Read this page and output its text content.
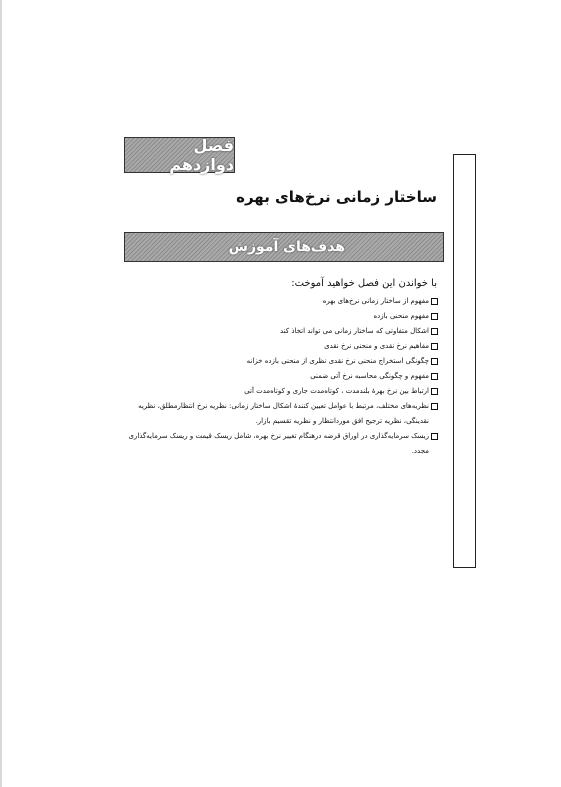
فصل دوازدهم
ساختار زمانی نرخ‌های بهره
هدف‌های آموزش
با خواندن این فصل خواهید آموخت:
مفهوم از ساختار زمانی نرخ‌های بهره
مفهوم منحنی بازده
اشکال متفاوتی که ساختار زمانی می تواند اتخاذ کند
مفاهیم نرخ نقدی و منحنی نرخ نقدی
چگونگی استخراج منحنی نرخ نقدی نظری از منحنی بازده خزانه
مفهوم و چگونگی محاسبه نرخ آتی ضمنی
ارتباط بین نرخ بهرهٔ بلندمدت ، کوتاه‌مدت جاری و کوتاه‌مدت آتی
نظریه‌های مختلف، مرتبط با عوامل تعیین کنندهٔ اشکال ساختار زمانی: نظریه نرخ انتظارمطلق، نظریه نقدینگی، نظریه ترجیح افق موردانتظار و نظریه تقسیم بازار.
ریسک سرمایه‌گذاری در اوراق قرضه درهنگام تغییر نرخ بهره، شامل ریسک قیمت و ریسک سرمایه‌گذاری مجدد.
